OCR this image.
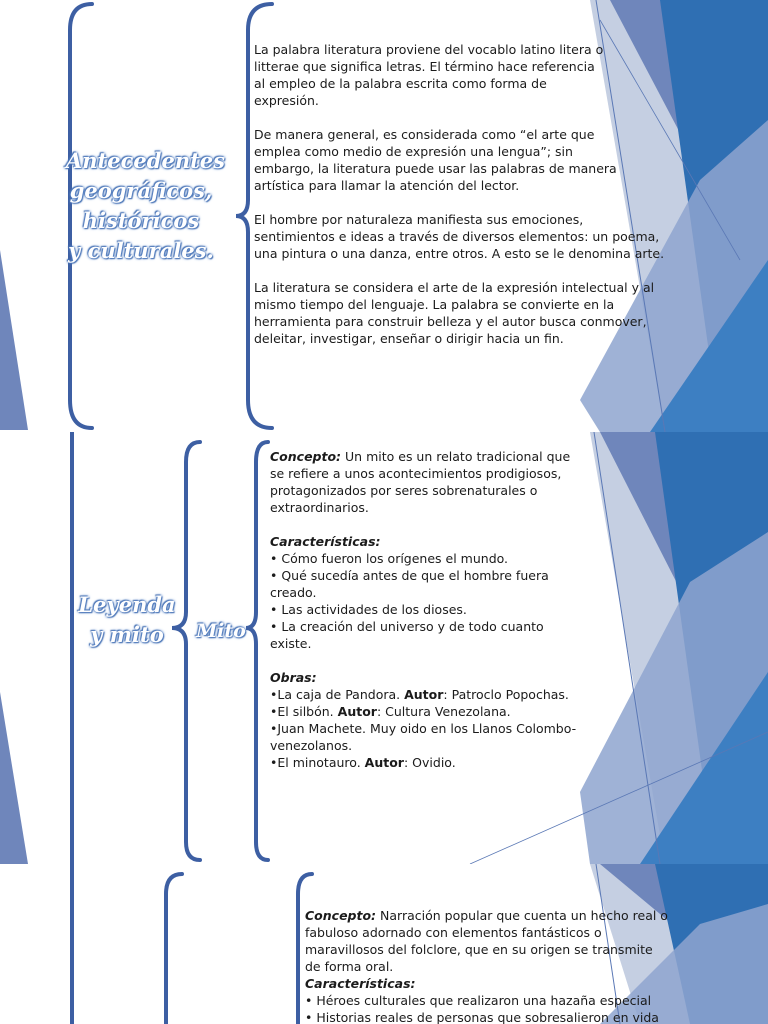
Antecedentes
geográficos,
históricos
y culturales.

La palabra literatura proviene del vocablo latino litera o

litterae que significa letras. El término hace referencia

al empleo de la palabra escrita como forma de

expresión.

De manera general, es considerada como “el arte que

emplea como medio de expresión una lengua”; sin

embargo, la literatura puede usar las palabras de manera

artística para llamar la atención del lector.

El hombre por naturaleza manifiesta sus emociones,

sentimientos e ideas a través de diversos elementos: un poema,

una pintura o una danza, entre otros. A esto se le denomina arte.

La literatura se considera el arte de la expresión intelectual y al

mismo tiempo del lenguaje. La palabra se convierte en la

herramienta para construir belleza y el autor busca conmover,

deleitar, investigar, enseñar o dirigir hacia un fin.

Leyenda
y mito	Mito

Concepto: Un mito es un relato tradicional que

se refiere a unos acontecimientos prodigiosos,

protagonizados por seres sobrenaturales o

extraordinarios.

Características:

• Cómo fueron los orígenes el mundo.

• Qué sucedía antes de que el hombre fuera

creado.

• Las actividades de los dioses.

• La creación del universo y de todo cuanto

existe.

Obras:

•La caja de Pandora. Autor: Patroclo Popochas.

•El silbón. Autor: Cultura Venezolana.

•Juan Machete. Muy oido en los Llanos Colombo-

venezolanos.

•El minotauro. Autor: Ovidio.

Concepto: Narración popular que cuenta un hecho real o

fabuloso adornado con elementos fantásticos o

maravillosos del folclore, que en su origen se transmite

de forma oral.

Características:

• Héroes culturales que realizaron una hazaña especial

• Historias reales de personas que sobresalieron en vida
